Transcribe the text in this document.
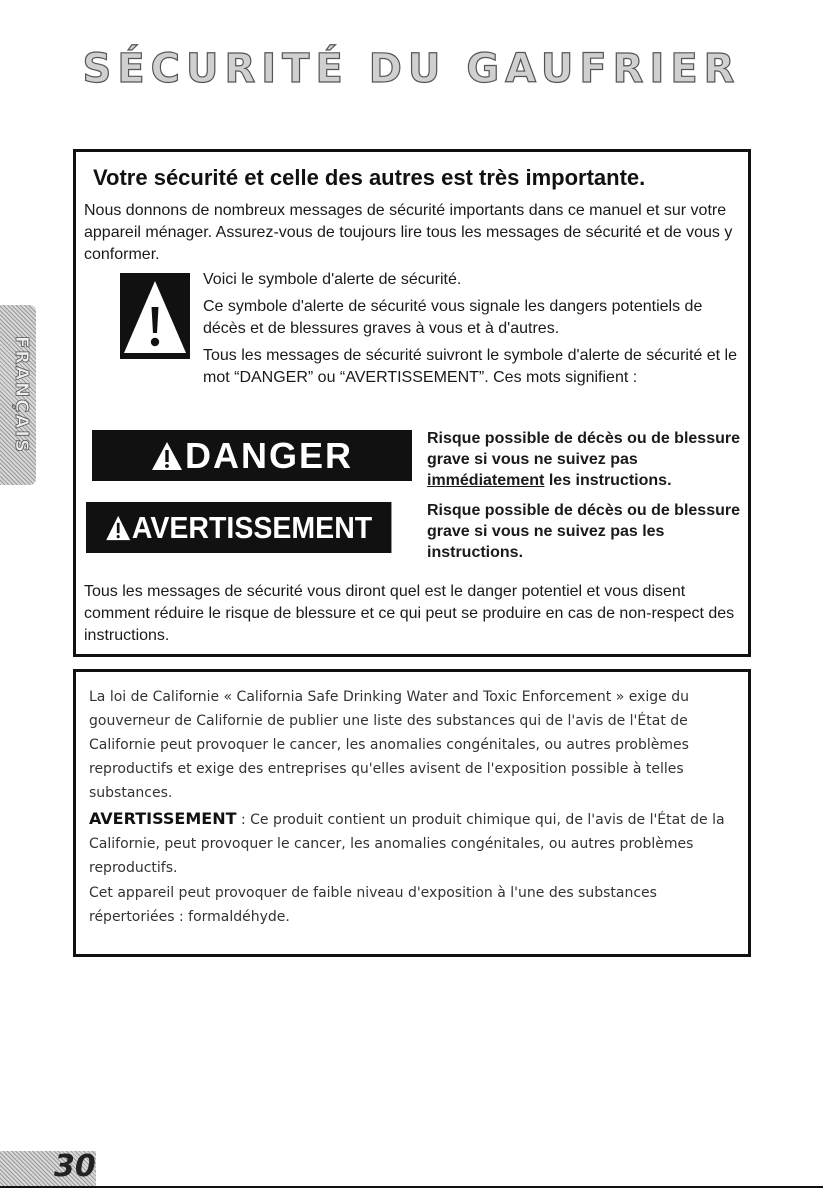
SÉCURITÉ DU GAUFRIER
FRANÇAIS
Votre sécurité et celle des autres est très importante.

Nous donnons de nombreux messages de sécurité importants dans ce manuel et sur votre appareil ménager. Assurez-vous de toujours lire tous les messages de sécurité et de vous y conformer.

Voici le symbole d'alerte de sécurité.

Ce symbole d'alerte de sécurité vous signale les dangers potentiels de décès et de blessures graves à vous et à d'autres.

Tous les messages de sécurité suivront le symbole d'alerte de sécurité et le mot “DANGER” ou “AVERTISSEMENT”. Ces mots signifient :

DANGER	Risque possible de décès ou de blessure grave si vous ne suivez pas immédiatement les instructions.

AVERTISSEMENT	Risque possible de décès ou de blessure grave si vous ne suivez pas les instructions.

Tous les messages de sécurité vous diront quel est le danger potentiel et vous disent comment réduire le risque de blessure et ce qui peut se produire en cas de non-respect des instructions.

La loi de Californie « California Safe Drinking Water and Toxic Enforcement » exige du gouverneur de Californie de publier une liste des substances qui de l'avis de l'État de Californie peut provoquer le cancer, les anomalies congénitales, ou autres problèmes reproductifs et exige des entreprises qu'elles avisent de l'exposition possible à telles substances.

AVERTISSEMENT : Ce produit contient un produit chimique qui, de l'avis de l'État de la Californie, peut provoquer le cancer, les anomalies congénitales, ou autres problèmes reproductifs.

Cet appareil peut provoquer de faible niveau d'exposition à l'une des substances répertoriées : formaldéhyde.

30
